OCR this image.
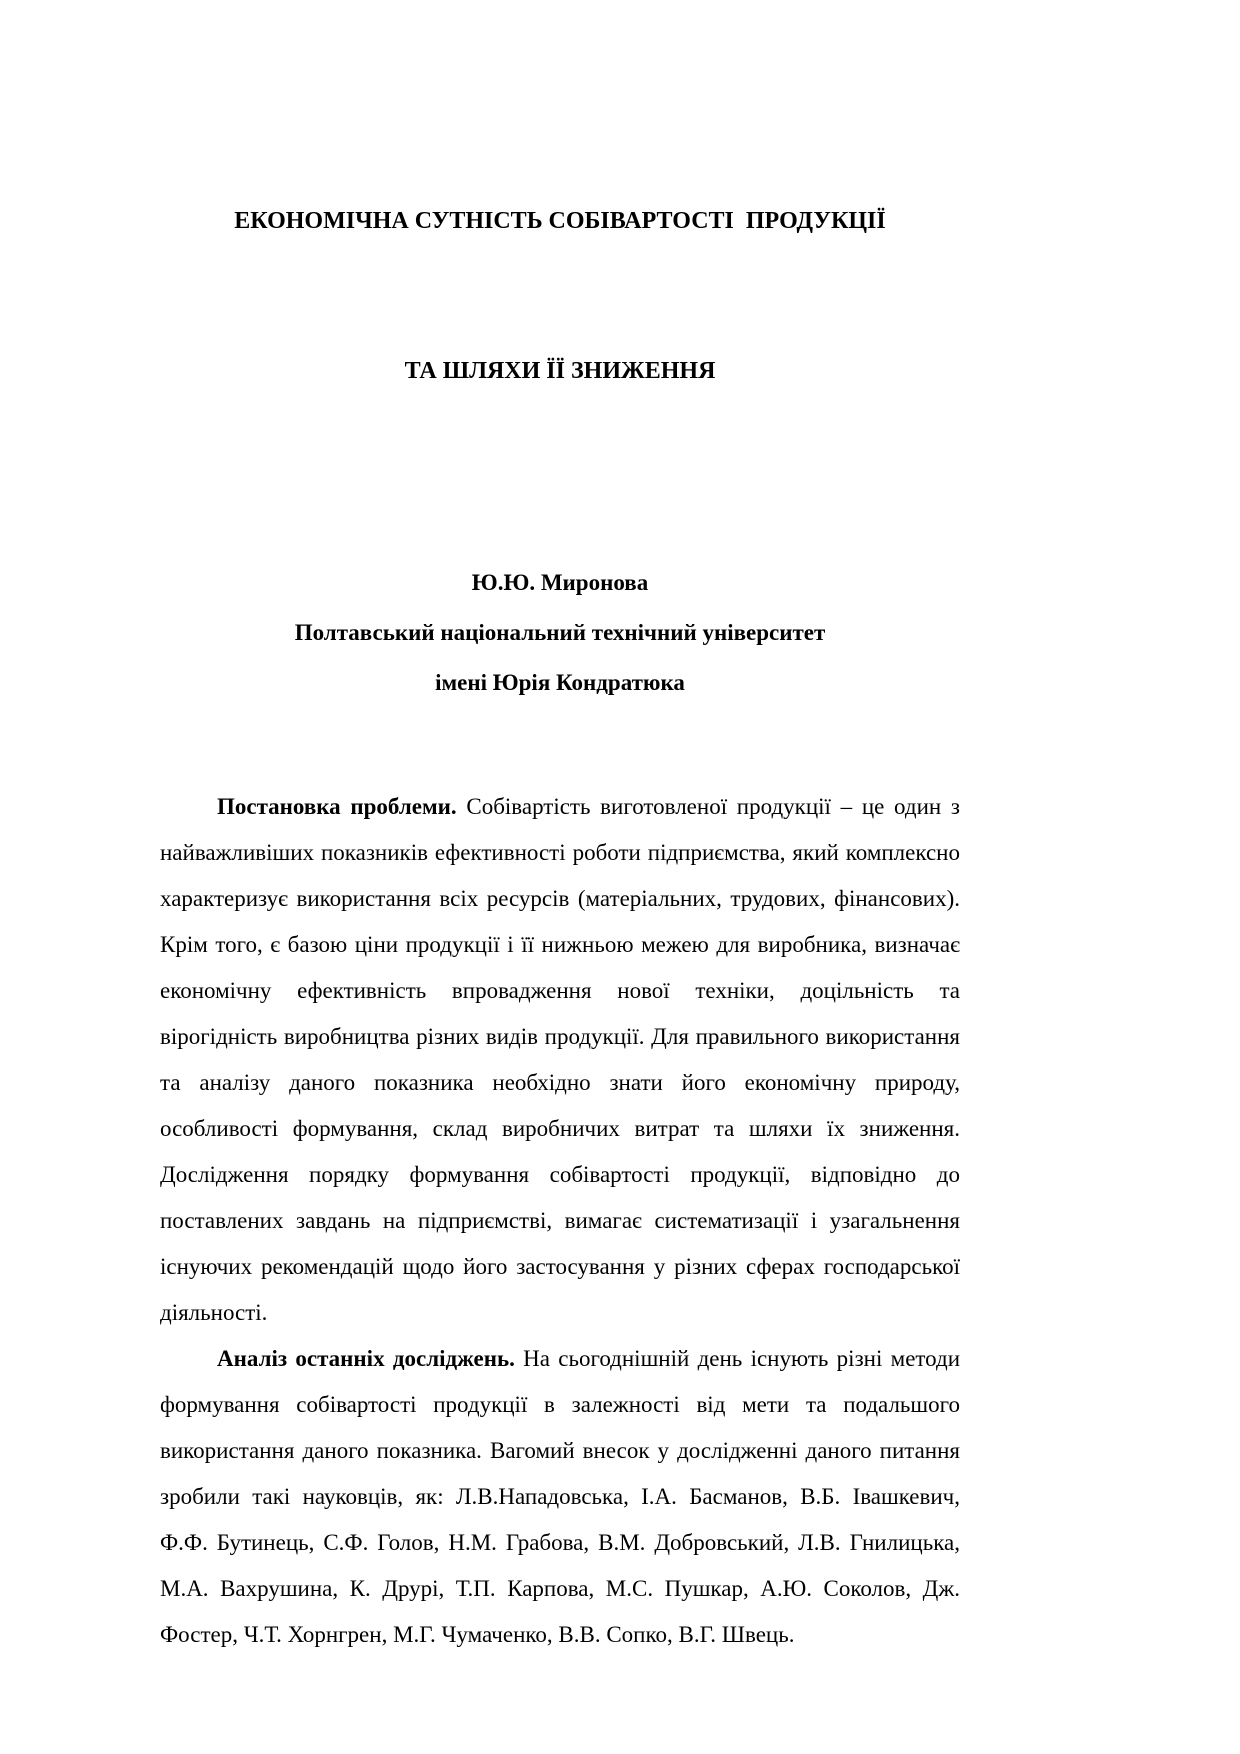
ЕКОНОМІЧНА СУТНІСТЬ СОБІВАРТОСТІ  ПРОДУКЦІЇ

ТА ШЛЯХИ ЇЇ ЗНИЖЕННЯ

Ю.Ю. Миронова
Полтавський національний технічний університет
імені Юрія Кондратюка

Постановка проблеми. Собівартість виготовленої продукції – це один з найважливіших показників ефективності роботи підприємства, який комплексно характеризує використання всіх ресурсів (матеріальних, трудових, фінансових). Крім того, є базою ціни продукції і її нижньою межею для виробника, визначає економічну ефективність впровадження нової техніки, доцільність та вірогідність виробництва різних видів продукції. Для правильного використання та аналізу даного показника необхідно знати його економічну природу, особливості формування, склад виробничих витрат та шляхи їх зниження. Дослідження порядку формування собівартості продукції, відповідно до поставлених завдань на підприємстві, вимагає систематизації і узагальнення існуючих рекомендацій щодо його застосування у різних сферах господарської діяльності.

Аналіз останніх досліджень. На сьогоднішній день існують різні методи формування собівартості продукції в залежності від мети та подальшого використання даного показника. Вагомий внесок у дослідженні даного питання зробили такі науковців, як: Л.В.Нападовська, І.А. Басманов, В.Б. Івашкевич, Ф.Ф. Бутинець, С.Ф. Голов, Н.М. Грабова, В.М. Добровський, Л.В. Гнилицька, М.А. Вахрушина, К. Друрі, Т.П. Карпова, М.С. Пушкар, А.Ю. Соколов, Дж. Фостер, Ч.Т. Хорнгрен, М.Г. Чумаченко, В.В. Сопко, В.Г. Швець.
